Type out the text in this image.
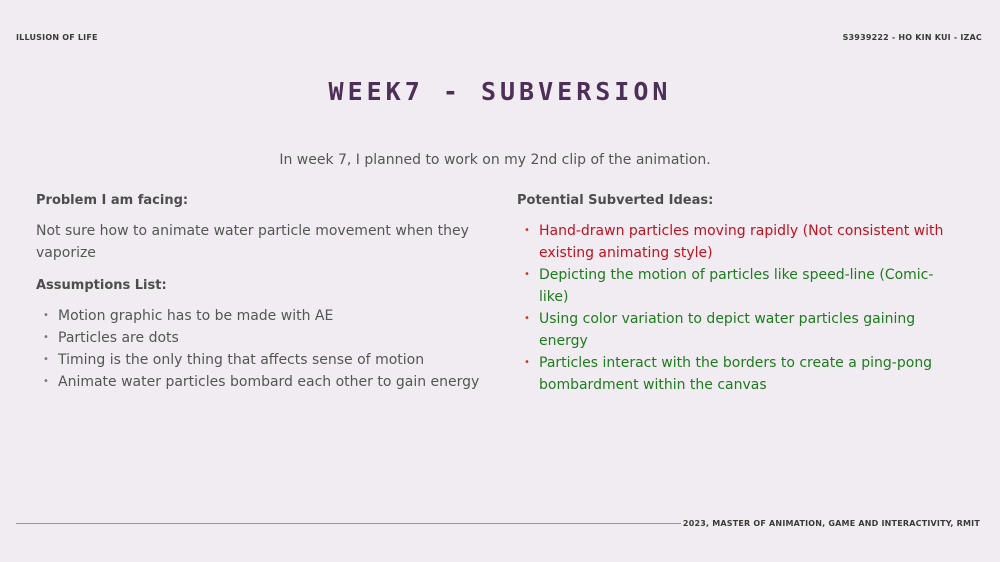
ILLUSION OF LIFE	S3939222 - HO KIN KUI - IZAC
WEEK7 - SUBVERSION
In week 7, I planned to work on my 2nd clip of the animation.

Problem I am facing:

Not sure how to animate water particle movement when they vaporize

Assumptions List:

• Motion graphic has to be made with AE
• Particles are dots
• Timing is the only thing that affects sense of motion
• Animate water particles bombard each other to gain energy

Potential Subverted Ideas:

• Hand-drawn particles moving rapidly (Not consistent with existing animating style)
• Depicting the motion of particles like speed-line (Comic-like)
• Using color variation to depict water particles gaining energy
• Particles interact with the borders to create a ping-pong bombardment within the canvas
2023, MASTER OF ANIMATION, GAME AND INTERACTIVITY, RMIT
